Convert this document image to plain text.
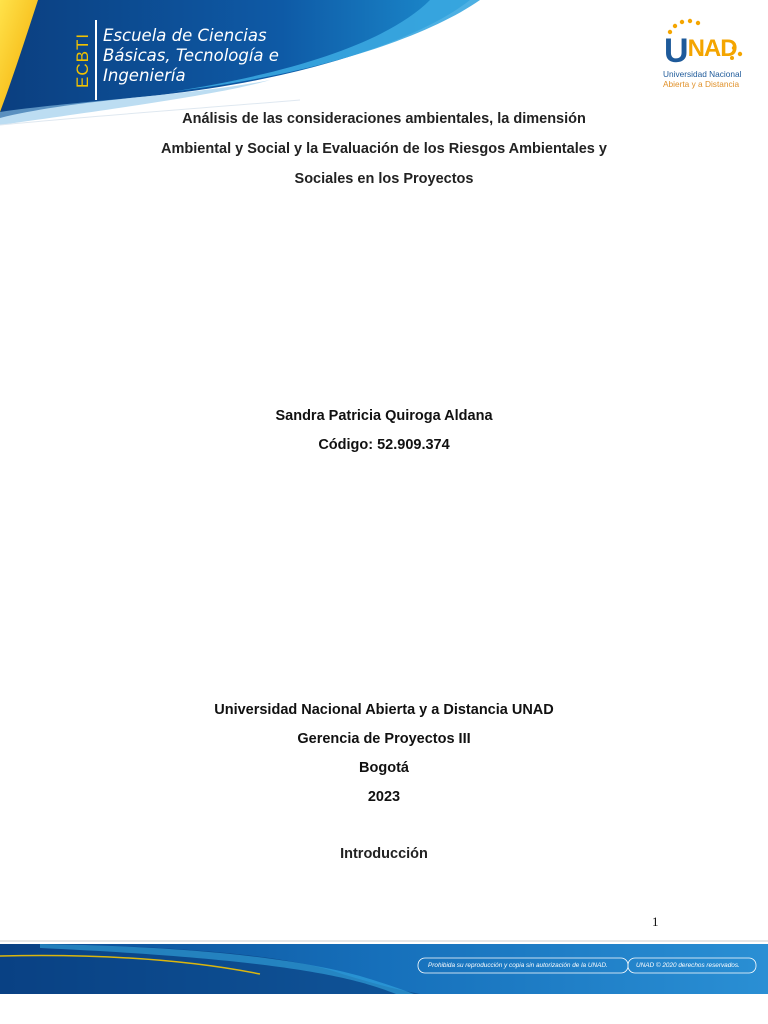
ECBTI Escuela de Ciencias
Básicas, Tecnología e
Ingeniería
UNAD
Universidad Nacional
Abierta y a Distancia
Análisis de las consideraciones ambientales, la dimensión
Ambiental y Social y la Evaluación de los Riesgos Ambientales y
Sociales en los Proyectos
Sandra Patricia Quiroga Aldana
Código: 52.909.374
Universidad Nacional Abierta y a Distancia UNAD
Gerencia de Proyectos III
Bogotá
2023
Introducción
1
Prohibida su reproducción y copia sin autorización de la UNAD.	UNAD © 2020 derechos reservados.
